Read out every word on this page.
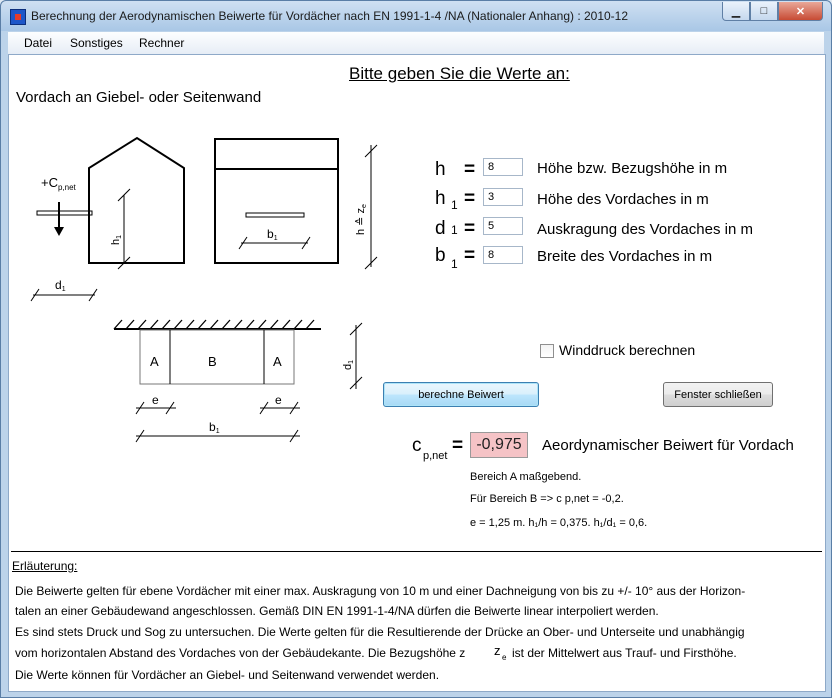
Berechnung der Aerodynamischen Beiwerte für Vordächer nach EN 1991-1-4 /NA (Nationaler Anhang) : 2010-12	▁	□	✕
Datei Sonstiges Rechner
Bitte geben Sie die Werte an:
Vordach an Giebel- oder Seitenwand
$+C_{p,net}$
h1
d1
b1
h ≙ ze
A	B	A	d1
e	e
b1
h =
8	Höhe bzw. Bezugshöhe in m
h 1 =
3	Höhe des Vordaches in m
d 1 =
5	Auskragung des Vordaches in m
b 1 =
8	Breite des Vordaches in m
Winddruck berechnen
berechne Beiwert	Fenster schließen
c p,net = -0,975	Aeordynamischer Beiwert für Vordach
Bereich A maßgebend.
Für Bereich B => c p,net = -0,2.
e = 1,25 m. h₁/h = 0,375. h₁/d₁ = 0,6.
Erläuterung:
Die Beiwerte gelten für ebene Vordächer mit einer max. Auskragung von 10 m und einer Dachneigung von bis zu +/- 10° aus der Horizon-
talen an einer Gebäudewand angeschlossen. Gemäß DIN EN 1991-1-4/NA dürfen die Beiwerte linear interpoliert werden.
Es sind stets Druck und Sog zu untersuchen. Die Werte gelten für die Resultierende der Drücke an Ober- und Unterseite und unabhängig
vom horizontalen Abstand des Vordaches von der Gebäudekante. Die Bezugshöhe z z e ist der Mittelwert aus Trauf- und Firsthöhe.
Die Werte können für Vordächer an Giebel- und Seitenwand verwendet werden.
